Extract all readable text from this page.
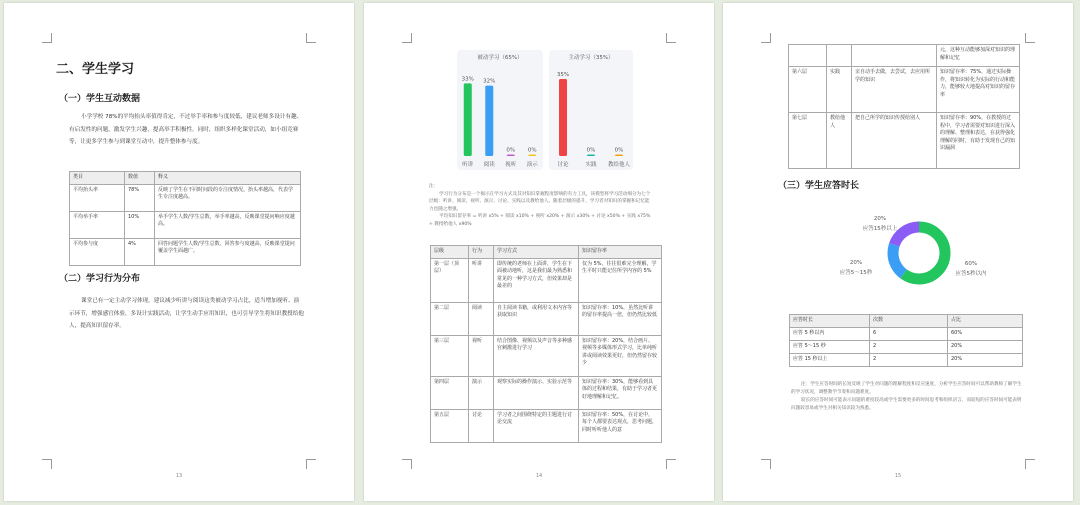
二、学生学习
（一）学生互动数据
小学学校 78%的平均抬头率值得肯定，不过举手率和参与度较低，建议老师多设计有趣、有启发性的问题，激发学生兴趣，提高举手积极性。同时，组织多样化课堂活动，如小组竞赛等，让更多学生参与到课堂互动中，提升整体参与度。
类目	数值	释义
平均抬头率	78%	反映了学生在不同时间段的专注度情况。抬头率越高，代表学生专注度越高。
平均举手率	10%	举手学生人数/学生总数，举手率越高，反映课堂提问响应度越高。
平均参与度	4%	回答问题学生人数/学生总数，回答参与度越高，反映课堂提问覆盖学生面越广。
（二）学习行为分布
课堂已有一定主动学习体现，建议减少听讲与阅读这类被动学习占比，适当增加视听、演示环节，增强感官体验，多设计实践活动，让学生动手应用知识，也可引导学生将知识教授给他人，提高知识留存率。
13
被动学习（65%）
33%
听讲
32%
阅读
0%
视听
0%
演示
主动学习（35%）
35%
讨论
0%
实践
0%
教给他人
注：
学习行为分布是一个揭示在学习方式及其对知识掌握程度影响的有力工具，该模型将学习活动细分为七个层级：听讲、阅读、视听、演示、讨论、实践以及教给他人。随着层级的提升，学习者对知识的掌握和记忆能力也随之增强。
平均知识留存率 = 听讲 x5% + 阅读 x10% + 视听 x20% + 演示 x30% + 讨论 x50% + 实践 x75% + 教授给他人 x90%
层级	行为	学习方式	知识留存率
第一层（顶层）	听讲	即传统的老师在上面讲，学生在下面被动地听，这是我们最为熟悉和常见的一种学习方式，但效果却是最差的	仅为 5%，往往很难完全理解，学生平时只能记住所学内容的 5%
第二层	阅读	自主阅读书籍，或利用文本内容等获取知识	知识留存率：10%，虽然比听讲的留存率提高一倍，但仍然比较低
第三层	视听	结合图像、视频以及声音等多种感官刺激进行学习	知识留存率：20%，结合画片、视频等多媒体形式学习，比单纯听讲或阅读效果更好，但仍然留存较少
第四层	演示	观察实际的操作演示、实验示范等	知识留存率：30%，能够看到具体的过程和结果，有助于学习者更好地理解和记忆。
第五层	讨论	学习者之间围绕特定的主题进行讨论交流	知识留存率：50%，在讨论中，每个人都要表达观点，思考问题，同时听听他人的意
14
			元，这种互动能够加深对知识的理解和记忆
第六层	实践	亲自动手去做，去尝试，去应用所学的知识	知识留存率：75%，通过实际操作，将知识转化为实际的行动和能力，能够较大地提高对知识的留存率
第七层	教给他人	把自己所学的知识传授给别人	知识留存率：90%，在教授的过程中，学习者需要对知识进行深入的理解、整理和表达，在获得强化理解的同时，有助于发现自己的知识漏洞
（三）学生应答时长
20%
应答15秒以上
20%
应答5～15秒
60%
应答5秒以内
应答时长	次数	占比
应答 5 秒以内	6	60%
应答 5～15 秒	2	20%
应答 15 秒以上	2	20%
注：学生应答时间的长短反映了学生对问题的理解程度和反应速度，分析学生应答时间可以帮助教师了解学生的学习状况，调整教学节奏和问题难度。
较长的应答时间可能表示问题的难度较高或学生需要更多的时间思考和组织语言，而较短的应答时间可能表明问题较容易或学生对相关知识较为熟悉。
15
